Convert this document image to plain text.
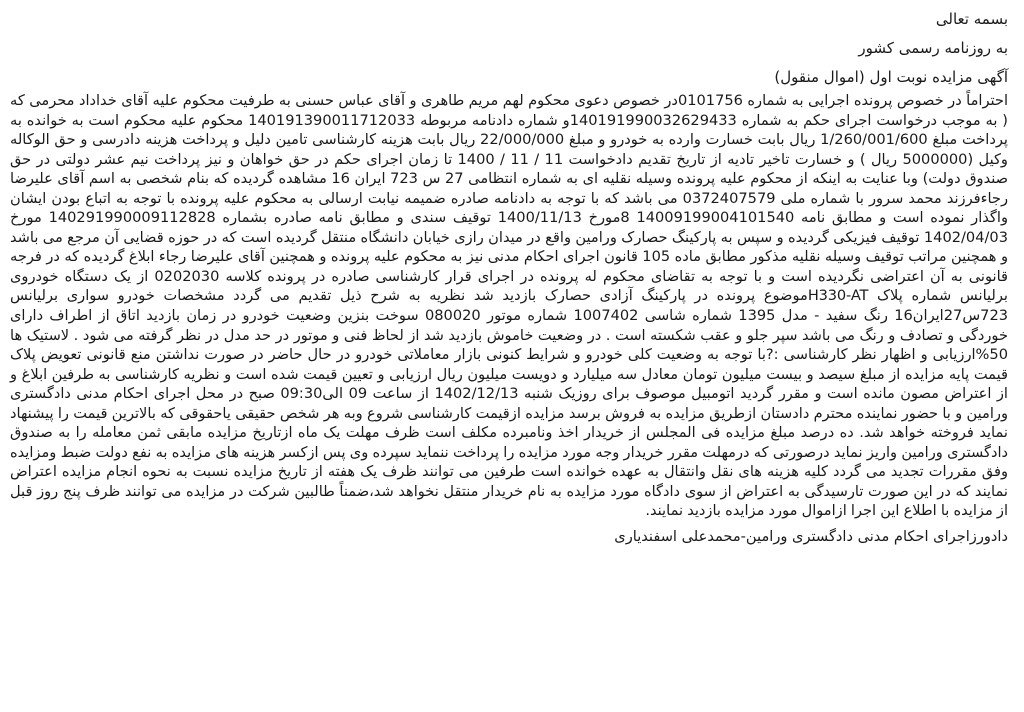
بسمه تعالی
به روزنامه رسمی کشور
آگهی مزایده نوبت اول (اموال منقول)

احتراماً در خصوص پرونده اجرایی به شماره 0101756در خصوص دعوی محکوم لهم مریم طاهری و آقای عباس حسنی به طرفیت محکوم علیه آقای خداداد محرمی که ( به موجب درخواست اجرای حکم به شماره 140191990032629433و شماره دادنامه مربوطه 140191390011712033 محکوم علیه محکوم است به خوانده به پرداخت مبلغ 1/260/001/600 ریال بابت خسارت وارده به خودرو و مبلغ 22/000/000 ریال بابت هزینه کارشناسی تامین دلیل و پرداخت هزینه دادرسی و حق الوکاله وکیل (5000000 ریال ) و خسارت تاخیر تادیه از تاریخ تقدیم دادخواست 11 / 11 / 1400 تا زمان اجرای حکم در حق خواهان و نیز پرداخت نیم عشر دولتی در حق صندوق دولت) وبا عنایت به اینکه از محکوم علیه پرونده وسیله نقلیه ای به شماره انتظامی 27 س 723 ایران 16 مشاهده گردیده که بنام شخصی به اسم آقای علیرضا رجاءفرزند محمد سرور با شماره ملی 0372407579 می باشد که با توجه به دادنامه صادره ضمیمه نیابت ارسالی به محکوم علیه پرونده با توجه به اتباع بودن ایشان واگذار نموده است و مطابق نامه 14009199004101540 8مورخ 1400/11/13 توقیف سندی و مطابق نامه صادره بشماره 140291990009112828 مورخ 1402/04/03 توقیف فیزیکی گردیده و سپس به پارکینگ حصارک ورامین واقع در میدان رازی خیابان دانشگاه منتقل گردیده است که در حوزه قضایی آن مرجع می باشد و همچنین مراتب توقیف وسیله نقلیه مذکور مطابق ماده 105 قانون اجرای احکام مدنی نیز به محکوم علیه پرونده و همچنین آقای علیرضا رجاء ابلاغ گردیده که در فرجه قانونی به آن اعتراضی نگردیده است و با توجه به تقاضای محکوم له پرونده در اجرای قرار کارشناسی صادره در پرونده کلاسه 0202030 از یک دستگاه خودروی برلیانس شماره پلاک H330-ATموضوع پرونده در پارکینگ آزادی حصارک بازدید شد نظریه به شرح ذیل تقدیم می گردد مشخصات خودرو سواری برلیانس 723س27ایران16 رنگ سفید - مدل 1395 شماره شاسی 1007402 شماره موتور 080020 سوخت بنزین وضعیت خودرو در زمان بازدید اتاق از اطراف دارای خوردگی و تصادف و رنگ می باشد سپر جلو و عقب شکسته است . در وضعیت خاموش بازدید شد از لحاظ فنی و موتور در حد مدل در نظر گرفته می شود . لاستیک ها 50%ارزیابی و اظهار نظر کارشناسی :?با توجه به وضعیت کلی خودرو و شرایط کنونی بازار معاملاتی خودرو در حال حاضر در صورت نداشتن منع قانونی تعویض پلاک قیمت پایه مزایده از مبلغ سیصد و بیست میلیون تومان معادل سه میلیارد و دویست میلیون ریال ارزیابی و تعیین قیمت شده است و نظریه کارشناسی به طرفین ابلاغ و از اعتراض مصون مانده است و مقرر گردید اتومبیل موصوف برای روزیک شنبه 1402/12/13 از ساعت 09 الی09:30 صبح در محل اجرای احکام مدنی دادگستری ورامین و با حضور نماینده محترم دادستان ازطریق مزایده به فروش برسد مزایده ازقیمت کارشناسی شروع وبه هر شخص حقیقی یاحقوقی که بالاترین قیمت را پیشنهاد نماید فروخته خواهد شد. ده درصد مبلغ مزایده فی المجلس از خریدار اخذ ونامبرده مکلف است ظرف مهلت یک ماه ازتاریخ مزایده مابقی ثمن معامله را به صندوق دادگستری ورامین واریز نماید درصورتی که درمهلت مقرر خریدار وجه مورد مزایده را پرداخت ننماید سپرده وی پس ازکسر هزینه های مزایده به نفع دولت ضبط ومزایده وفق مقررات تجدید می گردد کلیه هزینه های نقل وانتقال به عهده خوانده است طرفین می توانند ظرف یک هفته از تاریخ مزایده نسبت به نحوه انجام مزایده اعتراض نمایند که در این صورت تارسیدگی به اعتراض از سوی دادگاه مورد مزایده به نام خریدار منتقل نخواهد شد،ضمناً طالبین شرکت در مزایده می توانند ظرف پنج روز قبل از مزایده با اطلاع این اجرا ازاموال مورد مزایده بازدید نمایند.

دادورزاجرای احکام مدنی دادگستری ورامین-محمدعلی اسفندیاری
